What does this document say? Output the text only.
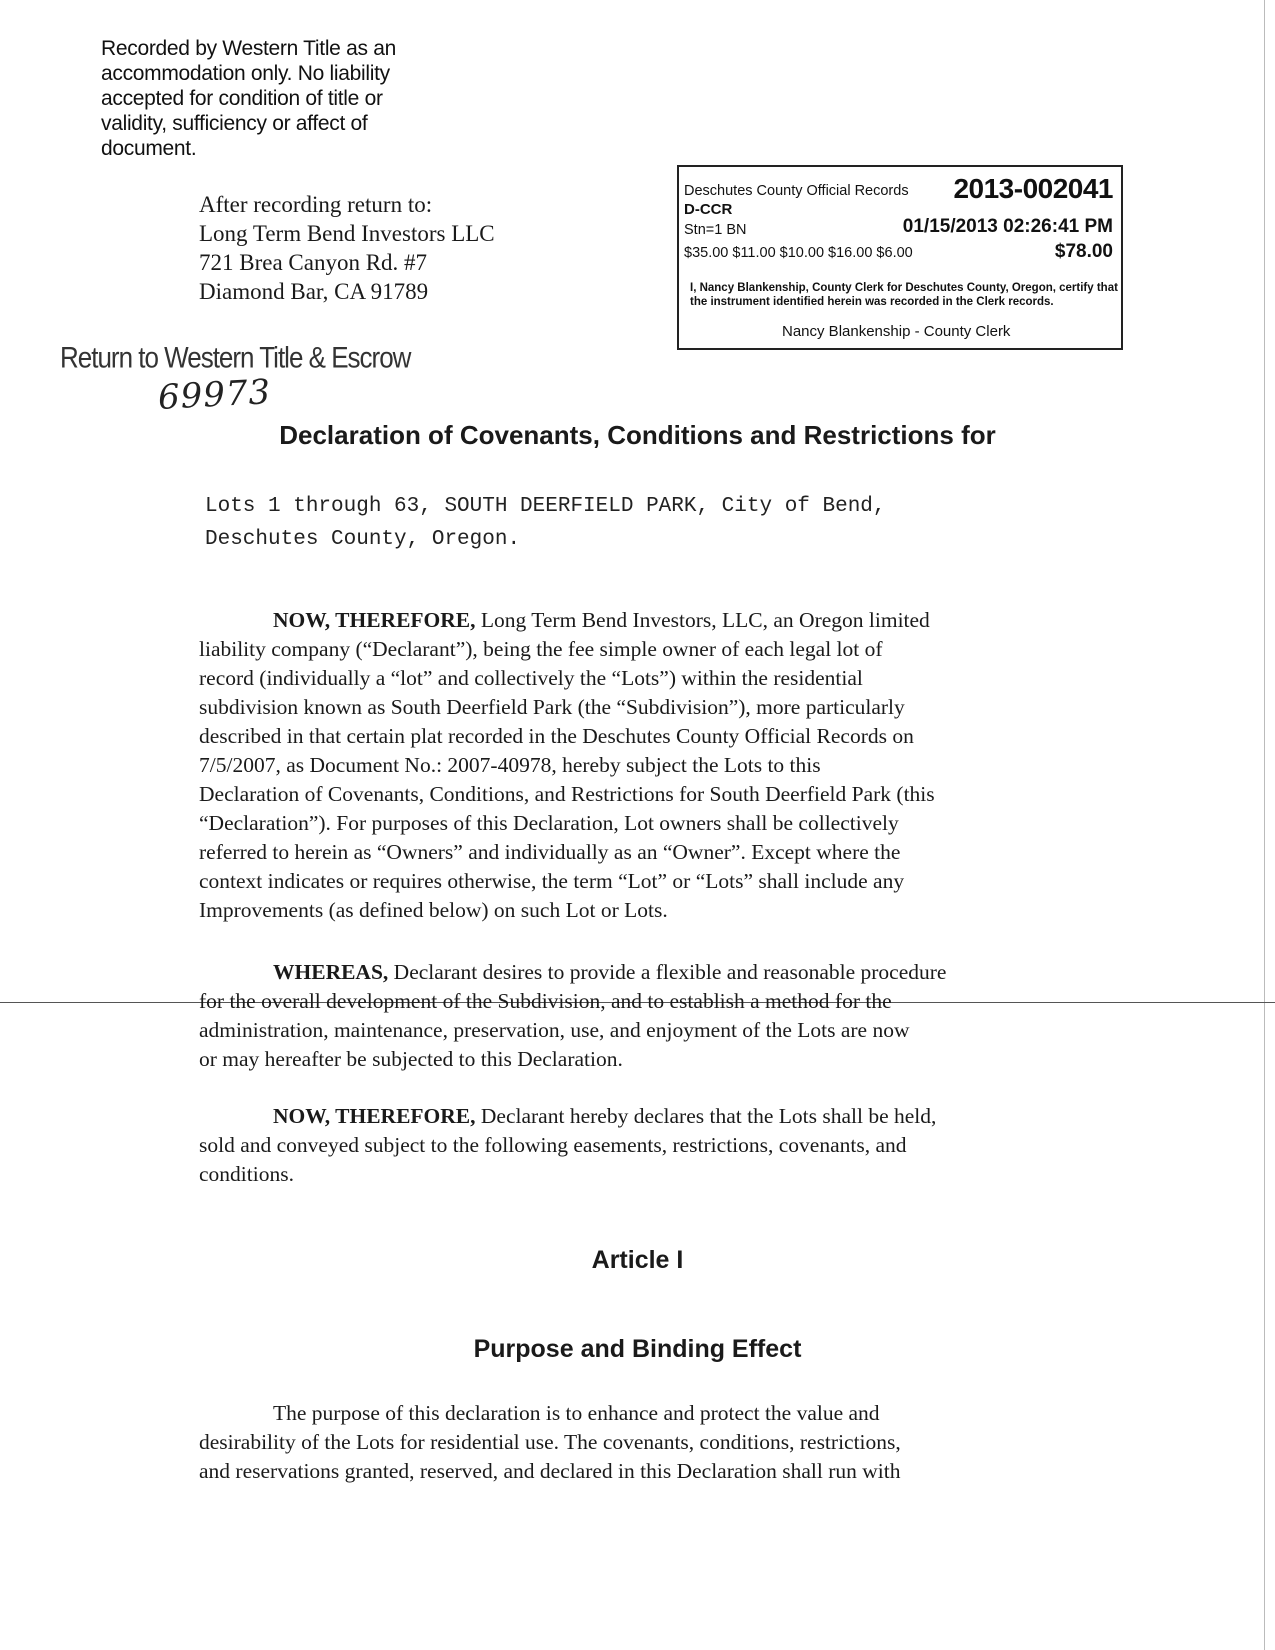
Recorded by Western Title as an
accommodation only. No liability
accepted for condition of title or
validity, sufficiency or affect of
document.
After recording return to:
Long Term Bend Investors LLC
721 Brea Canyon Rd. #7
Diamond Bar, CA 91789
Deschutes County Official Records 2013-002041
D-CCR
Stn=1 BN	01/15/2013 02:26:41 PM
$35.00 $11.00 $10.00 $16.00 $6.00	$78.00
I, Nancy Blankenship, County Clerk for Deschutes County, Oregon, certify that the instrument identified herein was recorded in the Clerk records.
Nancy Blankenship - County Clerk
Return to Western Title & Escrow
69973
Declaration of Covenants, Conditions and Restrictions for
Lots 1 through 63, SOUTH DEERFIELD PARK, City of Bend,
Deschutes County, Oregon.
NOW, THEREFORE, Long Term Bend Investors, LLC, an Oregon limited
liability company (“Declarant”), being the fee simple owner of each legal lot of
record (individually a “lot” and collectively the “Lots”) within the residential
subdivision known as South Deerfield Park (the “Subdivision”), more particularly
described in that certain plat recorded in the Deschutes County Official Records on
7/5/2007, as Document No.: 2007-40978, hereby subject the Lots to this
Declaration of Covenants, Conditions, and Restrictions for South Deerfield Park (this
“Declaration”). For purposes of this Declaration, Lot owners shall be collectively
referred to herein as “Owners” and individually as an “Owner”. Except where the
context indicates or requires otherwise, the term “Lot” or “Lots” shall include any
Improvements (as defined below) on such Lot or Lots.
WHEREAS, Declarant desires to provide a flexible and reasonable procedure
for the overall development of the Subdivision, and to establish a method for the
administration, maintenance, preservation, use, and enjoyment of the Lots are now
or may hereafter be subjected to this Declaration.
NOW, THEREFORE, Declarant hereby declares that the Lots shall be held,
sold and conveyed subject to the following easements, restrictions, covenants, and
conditions.
Article I
Purpose and Binding Effect
The purpose of this declaration is to enhance and protect the value and
desirability of the Lots for residential use. The covenants, conditions, restrictions,
and reservations granted, reserved, and declared in this Declaration shall run with
